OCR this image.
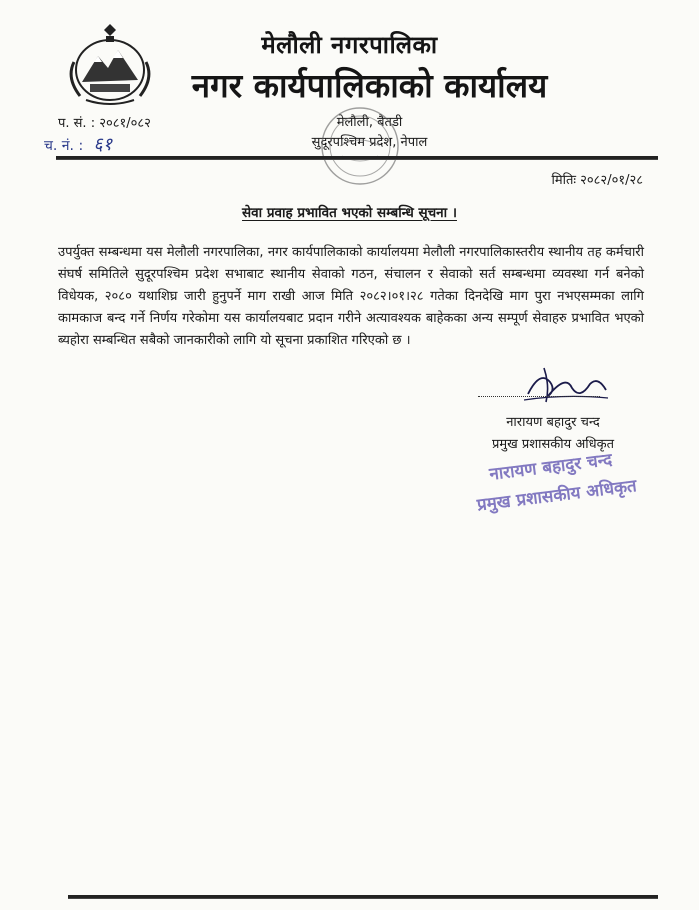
मेलौली नगरपालिका
नगर कार्यपालिकाको कार्यालय
मेलौली, बैतडी
सुदूरपश्चिम प्रदेश, नेपाल
प. सं. : २०८१/०८२
च. नं. : ६१
मितिः २०८२/०१/२८
सेवा प्रवाह प्रभावित भएको सम्बन्धि सूचना ।
उपर्युक्त सम्बन्धमा यस मेलौली नगरपालिका, नगर कार्यपालिकाको कार्यालयमा मेलौली नगरपालिकास्तरीय स्थानीय तह कर्मचारी संघर्ष समितिले सुदूरपश्चिम प्रदेश सभाबाट स्थानीय सेवाको गठन, संचालन र सेवाको सर्त सम्बन्धमा व्यवस्था गर्न बनेको विधेयक, २०८० यथाशिघ्र जारी हुनुपर्ने माग राखी आज मिति २०८२।०१।२८ गतेका दिनदेखि माग पुरा नभएसम्मका लागि कामकाज बन्द गर्ने निर्णय गरेकोमा यस कार्यालयबाट प्रदान गरीने अत्यावश्यक बाहेकका अन्य सम्पूर्ण सेवाहरु प्रभावित भएको ब्यहोरा सम्बन्धित सबैको जानकारीको लागि यो सूचना प्रकाशित गरिएको छ ।
नारायण बहादुर चन्द
प्रमुख प्रशासकीय अधिकृत
नारायण बहादुर चन्द
प्रमुख प्रशासकीय अधिकृत
